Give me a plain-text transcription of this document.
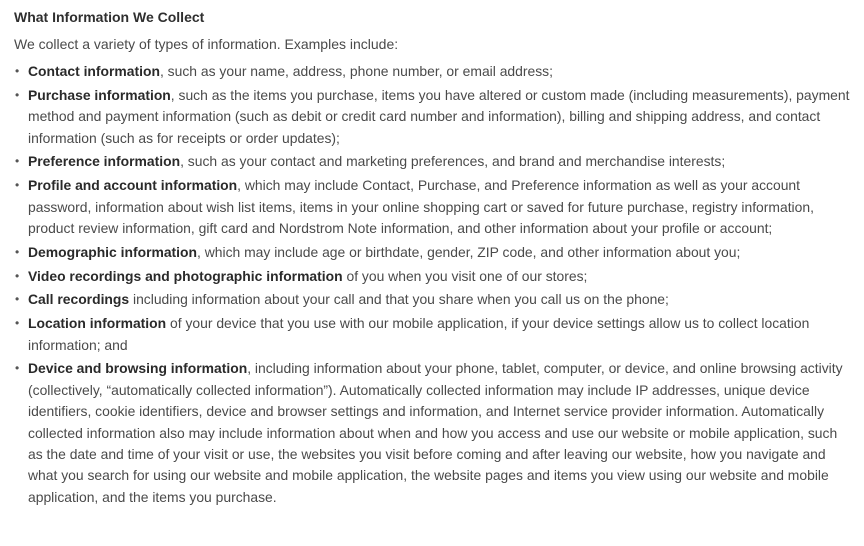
What Information We Collect
We collect a variety of types of information. Examples include:
• Contact information, such as your name, address, phone number, or email address;
• Purchase information, such as the items you purchase, items you have altered or custom made (including measurements), payment method and payment information (such as debit or credit card number and information), billing and shipping address, and contact information (such as for receipts or order updates);
• Preference information, such as your contact and marketing preferences, and brand and merchandise interests;
• Profile and account information, which may include Contact, Purchase, and Preference information as well as your account password, information about wish list items, items in your online shopping cart or saved for future purchase, registry information, product review information, gift card and Nordstrom Note information, and other information about your profile or account;
• Demographic information, which may include age or birthdate, gender, ZIP code, and other information about you;
• Video recordings and photographic information of you when you visit one of our stores;
• Call recordings including information about your call and that you share when you call us on the phone;
• Location information of your device that you use with our mobile application, if your device settings allow us to collect location information; and
• Device and browsing information, including information about your phone, tablet, computer, or device, and online browsing activity (collectively, “automatically collected information”). Automatically collected information may include IP addresses, unique device identifiers, cookie identifiers, device and browser settings and information, and Internet service provider information. Automatically collected information also may include information about when and how you access and use our website or mobile application, such as the date and time of your visit or use, the websites you visit before coming and after leaving our website, how you navigate and what you search for using our website and mobile application, the website pages and items you view using our website and mobile application, and the items you purchase.
